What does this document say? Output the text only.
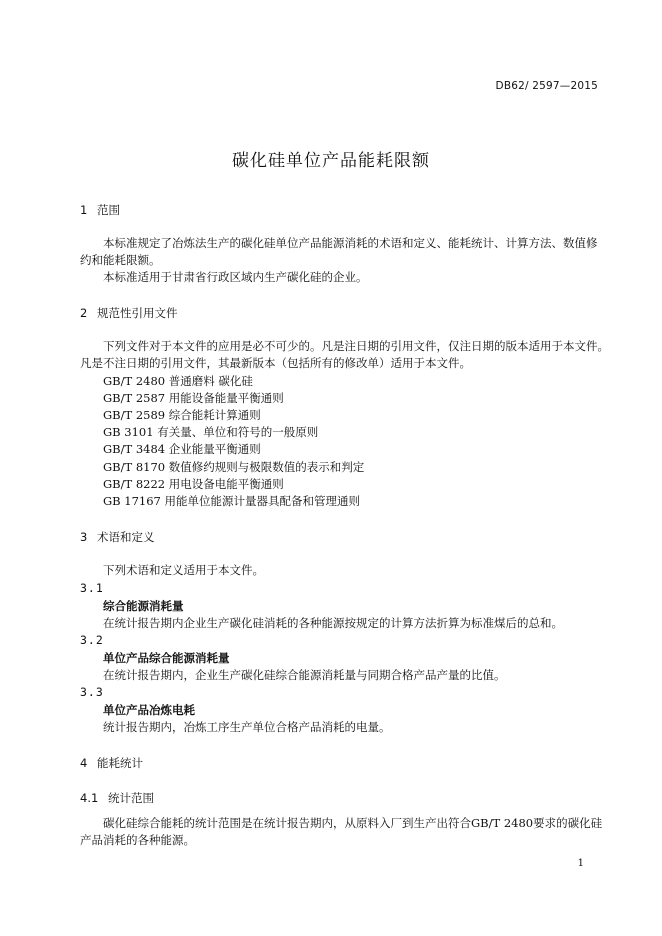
DB62/ 2597—2015
碳化硅单位产品能耗限额
1 范围
本标准规定了冶炼法生产的碳化硅单位产品能源消耗的术语和定义、能耗统计、计算方法、数值修
约和能耗限额。
本标准适用于甘肃省行政区域内生产碳化硅的企业。
2 规范性引用文件
下列文件对于本文件的应用是必不可少的。凡是注日期的引用文件，仅注日期的版本适用于本文件。
凡是不注日期的引用文件，其最新版本（包括所有的修改单）适用于本文件。
GB/T 2480 普通磨料 碳化硅
GB/T 2587 用能设备能量平衡通则
GB/T 2589 综合能耗计算通则
GB 3101 有关量、单位和符号的一般原则
GB/T 3484 企业能量平衡通则
GB/T 8170 数值修约规则与极限数值的表示和判定
GB/T 8222 用电设备电能平衡通则
GB 17167 用能单位能源计量器具配备和管理通则
3 术语和定义
下列术语和定义适用于本文件。
3.1
综合能源消耗量
在统计报告期内企业生产碳化硅消耗的各种能源按规定的计算方法折算为标准煤后的总和。
3.2
单位产品综合能源消耗量
在统计报告期内，企业生产碳化硅综合能源消耗量与同期合格产品产量的比值。
3.3
单位产品冶炼电耗
统计报告期内，冶炼工序生产单位合格产品消耗的电量。
4 能耗统计
4.1 统计范围
碳化硅综合能耗的统计范围是在统计报告期内，从原料入厂到生产出符合GB/T 2480要求的碳化硅
产品消耗的各种能源。
1
